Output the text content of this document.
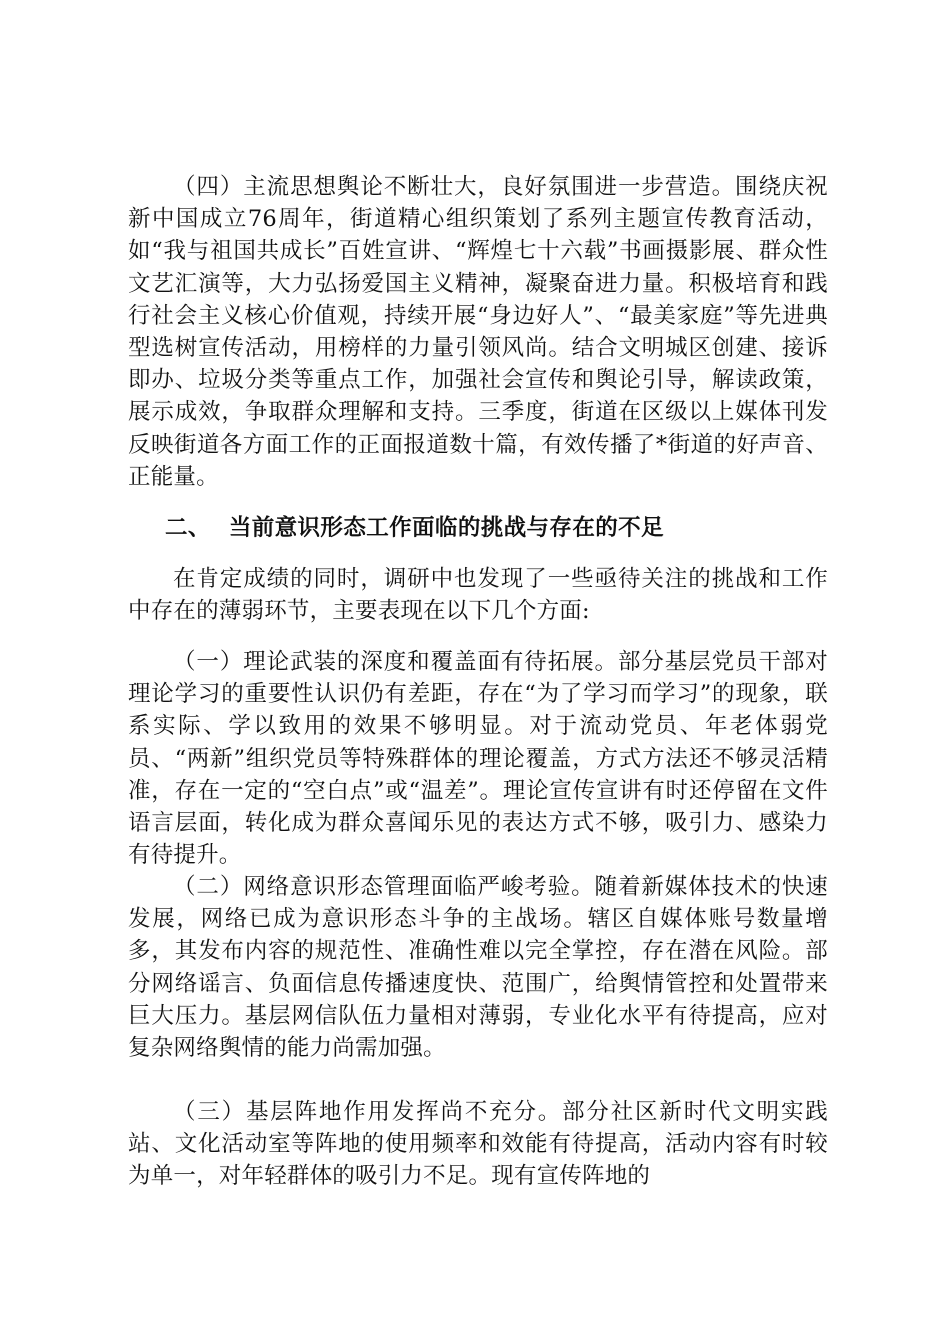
（四）主流思想舆论不断壮大，良好氛围进一步营造。围绕庆祝新中国成立76周年，街道精心组织策划了系列主题宣传教育活动，如“我与祖国共成长”百姓宣讲、“辉煌七十六载”书画摄影展、群众性文艺汇演等，大力弘扬爱国主义精神，凝聚奋进力量。积极培育和践行社会主义核心价值观，持续开展“身边好人”、“最美家庭”等先进典型选树宣传活动，用榜样的力量引领风尚。结合文明城区创建、接诉即办、垃圾分类等重点工作，加强社会宣传和舆论引导，解读政策，展示成效，争取群众理解和支持。三季度，街道在区级以上媒体刊发反映街道各方面工作的正面报道数十篇，有效传播了*街道的好声音、正能量。

二、 当前意识形态工作面临的挑战与存在的不足

在肯定成绩的同时，调研中也发现了一些亟待关注的挑战和工作中存在的薄弱环节，主要表现在以下几个方面:

（一）理论武装的深度和覆盖面有待拓展。部分基层党员干部对理论学习的重要性认识仍有差距，存在“为了学习而学习”的现象，联系实际、学以致用的效果不够明显。对于流动党员、年老体弱党员、“两新”组织党员等特殊群体的理论覆盖，方式方法还不够灵活精准，存在一定的“空白点”或“温差”。理论宣传宣讲有时还停留在文件语言层面，转化成为群众喜闻乐见的表达方式不够，吸引力、感染力有待提升。

（二）网络意识形态管理面临严峻考验。随着新媒体技术的快速发展，网络已成为意识形态斗争的主战场。辖区自媒体账号数量增多，其发布内容的规范性、准确性难以完全掌控，存在潜在风险。部分网络谣言、负面信息传播速度快、范围广，给舆情管控和处置带来巨大压力。基层网信队伍力量相对薄弱，专业化水平有待提高，应对复杂网络舆情的能力尚需加强。

（三）基层阵地作用发挥尚不充分。部分社区新时代文明实践站、文化活动室等阵地的使用频率和效能有待提高，活动内容有时较为单一，对年轻群体的吸引力不足。现有宣传阵地的
